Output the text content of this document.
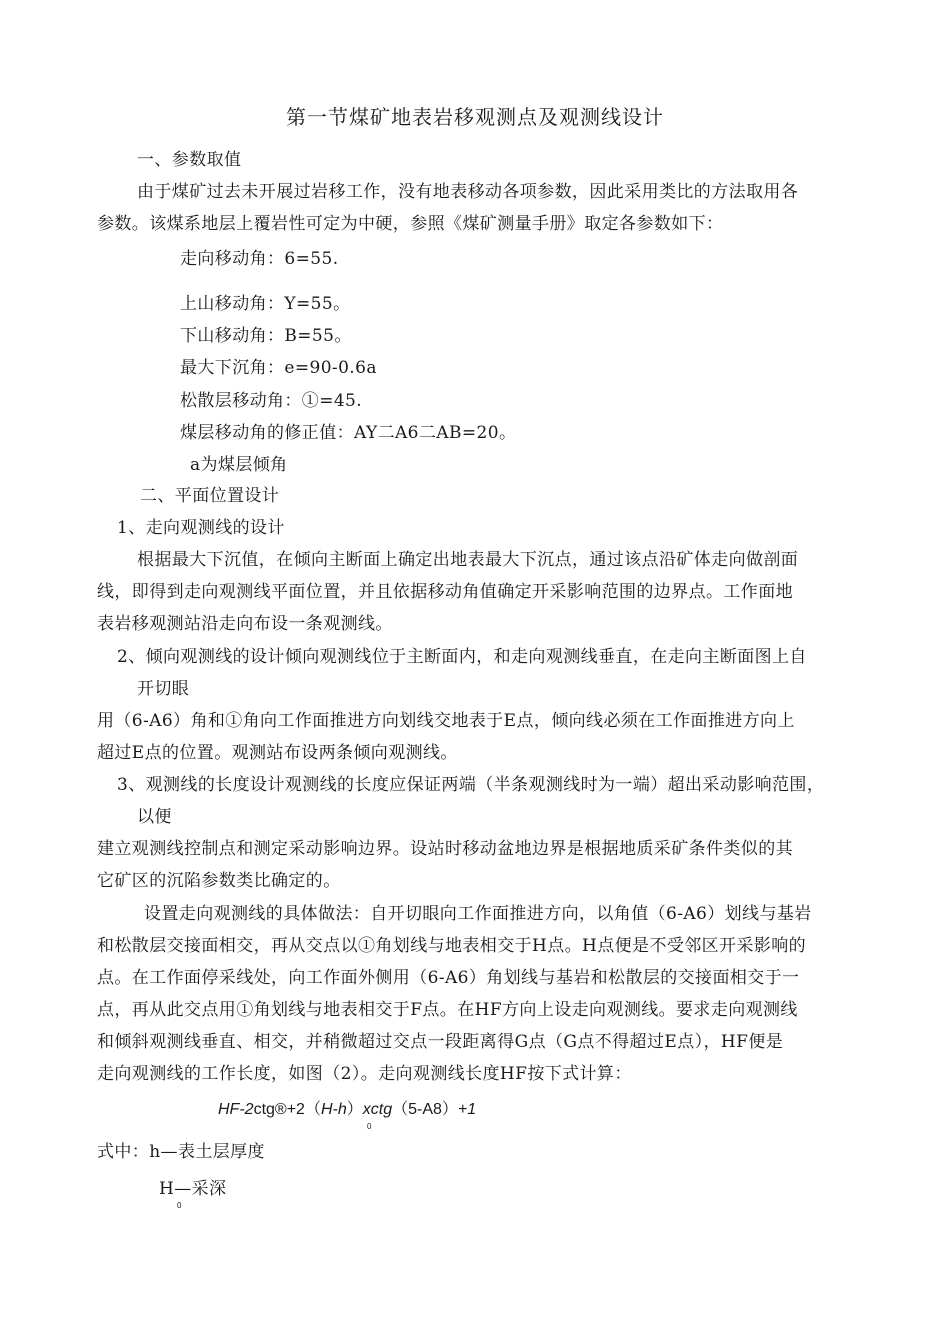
第一节煤矿地表岩移观测点及观测线设计
一、参数取值
由于煤矿过去未开展过岩移工作，没有地表移动各项参数，因此采用类比的方法取用各
参数。该煤系地层上覆岩性可定为中硬，参照《煤矿测量手册》取定各参数如下：
走向移动角：6=55.
上山移动角：Y=55。
下山移动角：B=55。
最大下沉角：e=90-0.6a
松散层移动角：①=45.
煤层移动角的修正值：AY二A6二AB=20。
a为煤层倾角
二、平面位置设计
1、走向观测线的设计
根据最大下沉值，在倾向主断面上确定出地表最大下沉点，通过该点沿矿体走向做剖面
线，即得到走向观测线平面位置，并且依据移动角值确定开采影响范围的边界点。工作面地
表岩移观测站沿走向布设一条观测线。
2、倾向观测线的设计倾向观测线位于主断面内，和走向观测线垂直，在走向主断面图上自
开切眼
用（6-A6）角和①角向工作面推进方向划线交地表于E点，倾向线必须在工作面推进方向上
超过E点的位置。观测站布设两条倾向观测线。
3、观测线的长度设计观测线的长度应保证两端（半条观测线时为一端）超出采动影响范围，
以便
建立观测线控制点和测定采动影响边界。设站时移动盆地边界是根据地质采矿条件类似的其
它矿区的沉陷参数类比确定的。
设置走向观测线的具体做法：自开切眼向工作面推进方向，以角值（6-A6）划线与基岩
和松散层交接面相交，再从交点以①角划线与地表相交于H点。H点便是不受邻区开采影响的
点。在工作面停采线处，向工作面外侧用（6-A6）角划线与基岩和松散层的交接面相交于一
点，再从此交点用①角划线与地表相交于F点。在HF方向上设走向观测线。要求走向观测线
和倾斜观测线垂直、相交，并稍微超过交点一段距离得G点（G点不得超过E点），HF便是
走向观测线的工作长度，如图（2）。走向观测线长度HF按下式计算：
HF-2ctg®+2（H-h）xctg（5-A8）+1
0
式中：h—表土层厚度
H—采深
0
